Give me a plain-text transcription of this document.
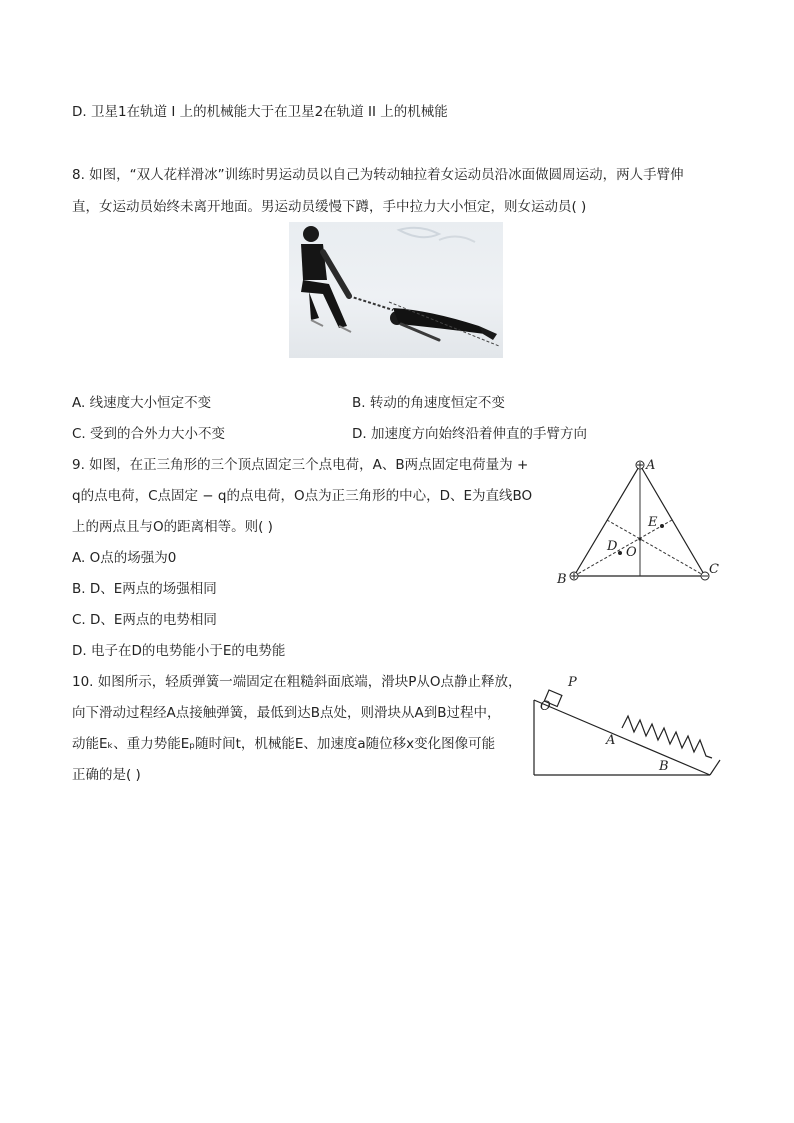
D. 卫星1在轨道 I 上的机械能大于在卫星2在轨道 II 上的机械能
8. 如图，“双人花样滑冰”训练时男运动员以自己为转动轴拉着女运动员沿冰面做圆周运动，两人手臂伸
直，女运动员始终未离开地面。男运动员缓慢下蹲，手中拉力大小恒定，则女运动员( )
A. 线速度大小恒定不变	B. 转动的角速度恒定不变
C. 受到的合外力大小不变	D. 加速度方向始终沿着伸直的手臂方向
9. 如图，在正三角形的三个顶点固定三个点电荷，A、B两点固定电荷量为 +
q的点电荷，C点固定 − q的点电荷，O点为正三角形的中心，D、E为直线BO
上的两点且与O的距离相等。则( )
A. O点的场强为0
B. D、E两点的场强相同
C. D、E两点的电势相同
D. 电子在D的电势能小于E的电势能
A
B
C
D
E
O
10. 如图所示，轻质弹簧一端固定在粗糙斜面底端，滑块P从O点静止释放，
向下滑动过程经A点接触弹簧，最低到达B点处，则滑块从A到B过程中，
动能Eₖ、重力势能Eₚ随时间t，机械能E、加速度a随位移x变化图像可能
正确的是( )
P
O
A
B
